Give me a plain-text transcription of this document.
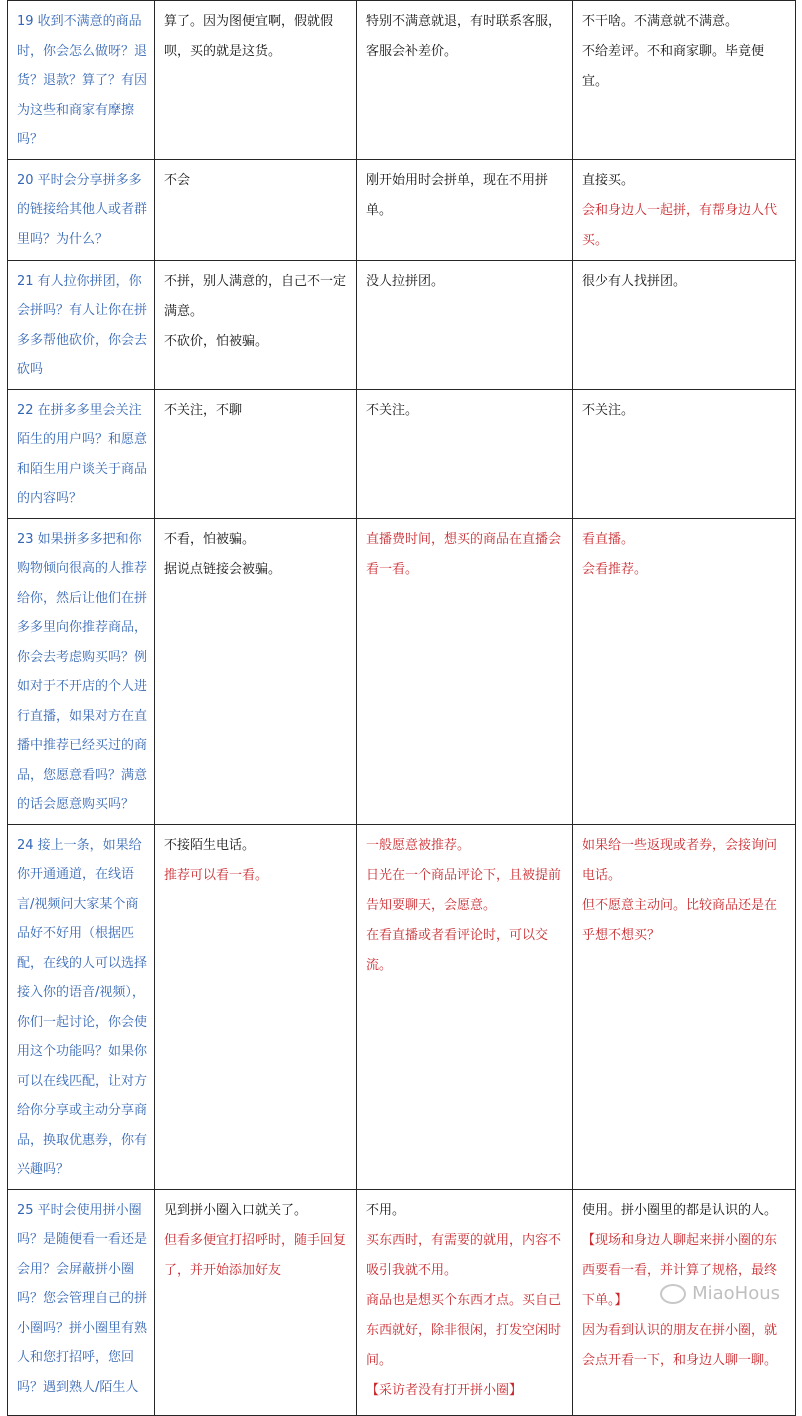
19 收到不满意的商品时，你会怎么做呀？退货？退款？算了？有因为这些和商家有摩擦吗？	算了。因为图便宜啊，假就假呗，买的就是这货。	特别不满意就退，有时联系客服，客服会补差价。	不干啥。不满意就不满意。
不给差评。不和商家聊。毕竟便宜。

20 平时会分享拼多多的链接给其他人或者群里吗？为什么？	不会	刚开始用时会拼单，现在不用拼单。	直接买。
会和身边人一起拼，有帮身边人代买。

21 有人拉你拼团，你会拼吗？有人让你在拼多多帮他砍价，你会去砍吗	不拼，别人满意的，自己不一定满意。
不砍价，怕被骗。	没人拉拼团。	很少有人找拼团。

22 在拼多多里会关注陌生的用户吗？和愿意和陌生用户谈关于商品的内容吗？	不关注，不聊	不关注。	不关注。

23 如果拼多多把和你购物倾向很高的人推荐给你，然后让他们在拼多多里向你推荐商品，你会去考虑购买吗？例如对于不开店的个人进行直播，如果对方在直播中推荐已经买过的商品，您愿意看吗？满意的话会愿意购买吗？	不看，怕被骗。
据说点链接会被骗。	直播费时间，想买的商品在直播会看一看。	看直播。
会看推荐。

24 接上一条，如果给你开通通道，在线语言/视频问大家某个商品好不好用（根据匹配，在线的人可以选择接入你的语音/视频），你们一起讨论，你会使用这个功能吗？如果你可以在线匹配，让对方给你分享或主动分享商品，换取优惠券，你有兴趣吗？	不接陌生电话。
推荐可以看一看。	一般愿意被推荐。
日光在一个商品评论下，且被提前告知要聊天，会愿意。
在看直播或者看评论时，可以交流。	如果给一些返现或者券，会接询问电话。
但不愿意主动问。比较商品还是在乎想不想买？

25 平时会使用拼小圈吗？是随便看一看还是会用？会屏蔽拼小圈吗？您会管理自己的拼小圈吗？拼小圈里有熟人和您打招呼，您回吗？遇到熟人/陌生人	见到拼小圈入口就关了。
但看多便宜打招呼时，随手回复了，并开始添加好友	不用。
买东西时，有需要的就用，内容不吸引我就不用。
商品也是想买个东西才点。买自己东西就好，除非很闲，打发空闲时间。
【采访者没有打开拼小圈】	使用。拼小圈里的都是认识的人。
【现场和身边人聊起来拼小圈的东西要看一看，并计算了规格，最终下单。】
因为看到认识的朋友在拼小圈，就会点开看一下，和身边人聊一聊。
MiaoHous
